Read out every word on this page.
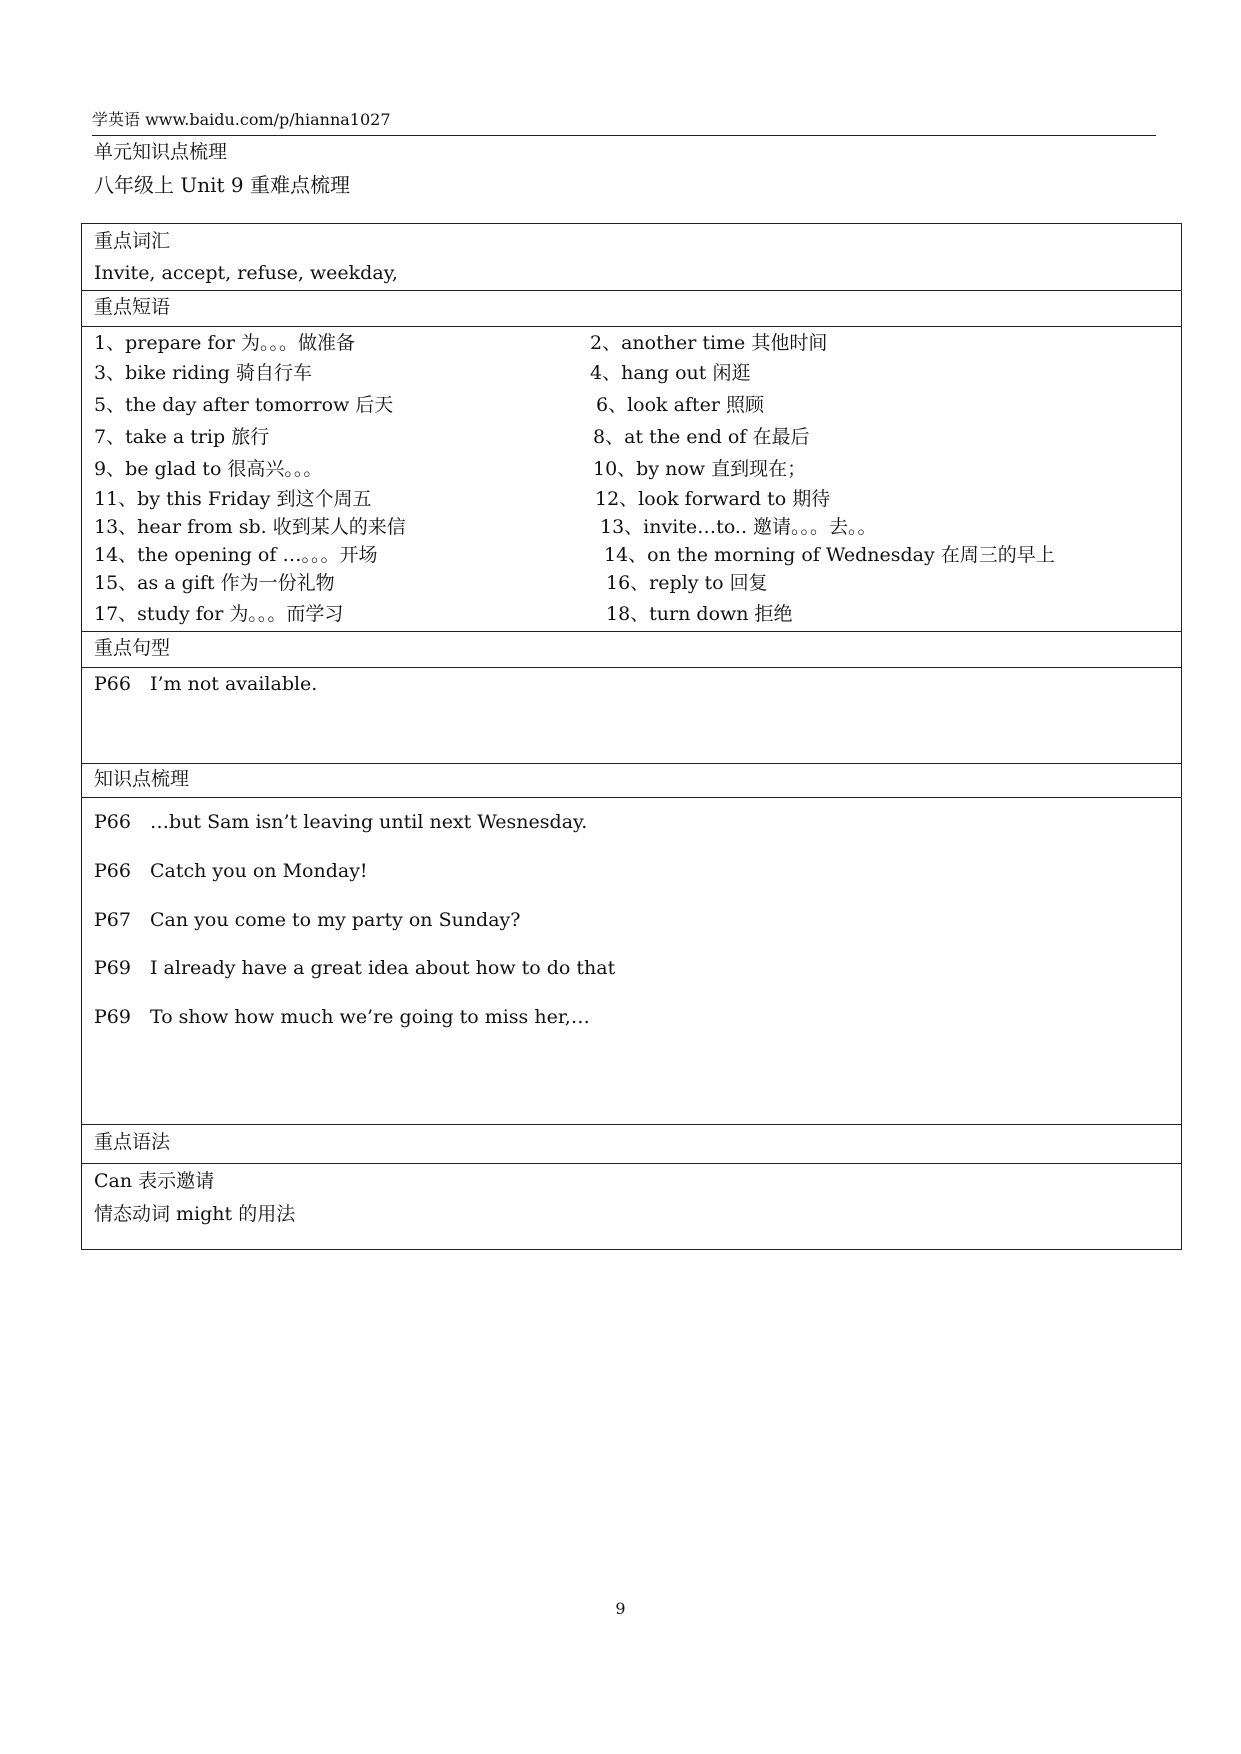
学英语 www.baidu.com/p/hianna1027
单元知识点梳理
八年级上 Unit 9 重难点梳理
重点词汇
Invite, accept, refuse, weekday,
重点短语
1、prepare for 为。。。做准备
3、bike riding 骑自行车
5、the day after tomorrow 后天
7、take a trip 旅行
9、be glad to 很高兴。。。
11、by this Friday 到这个周五
13、hear from sb. 收到某人的来信
14、the opening of …。。。开场
15、as a gift 作为一份礼物
17、study for 为。。。而学习
2、another time 其他时间
4、hang out 闲逛
6、look after 照顾
8、at the end of 在最后
10、by now 直到现在；
12、look forward to 期待
13、invite…to.. 邀请。。。去。。
14、on the morning of Wednesday 在周三的早上
16、reply to 回复
18、turn down 拒绝
重点句型
P66 I’m not available.
知识点梳理
P66 …but Sam isn’t leaving until next Wesnesday.
P66 Catch you on Monday!
P67 Can you come to my party on Sunday?
P69 I already have a great idea about how to do that
P69 To show how much we’re going to miss her,…
重点语法
Can 表示邀请
情态动词 might 的用法
9
